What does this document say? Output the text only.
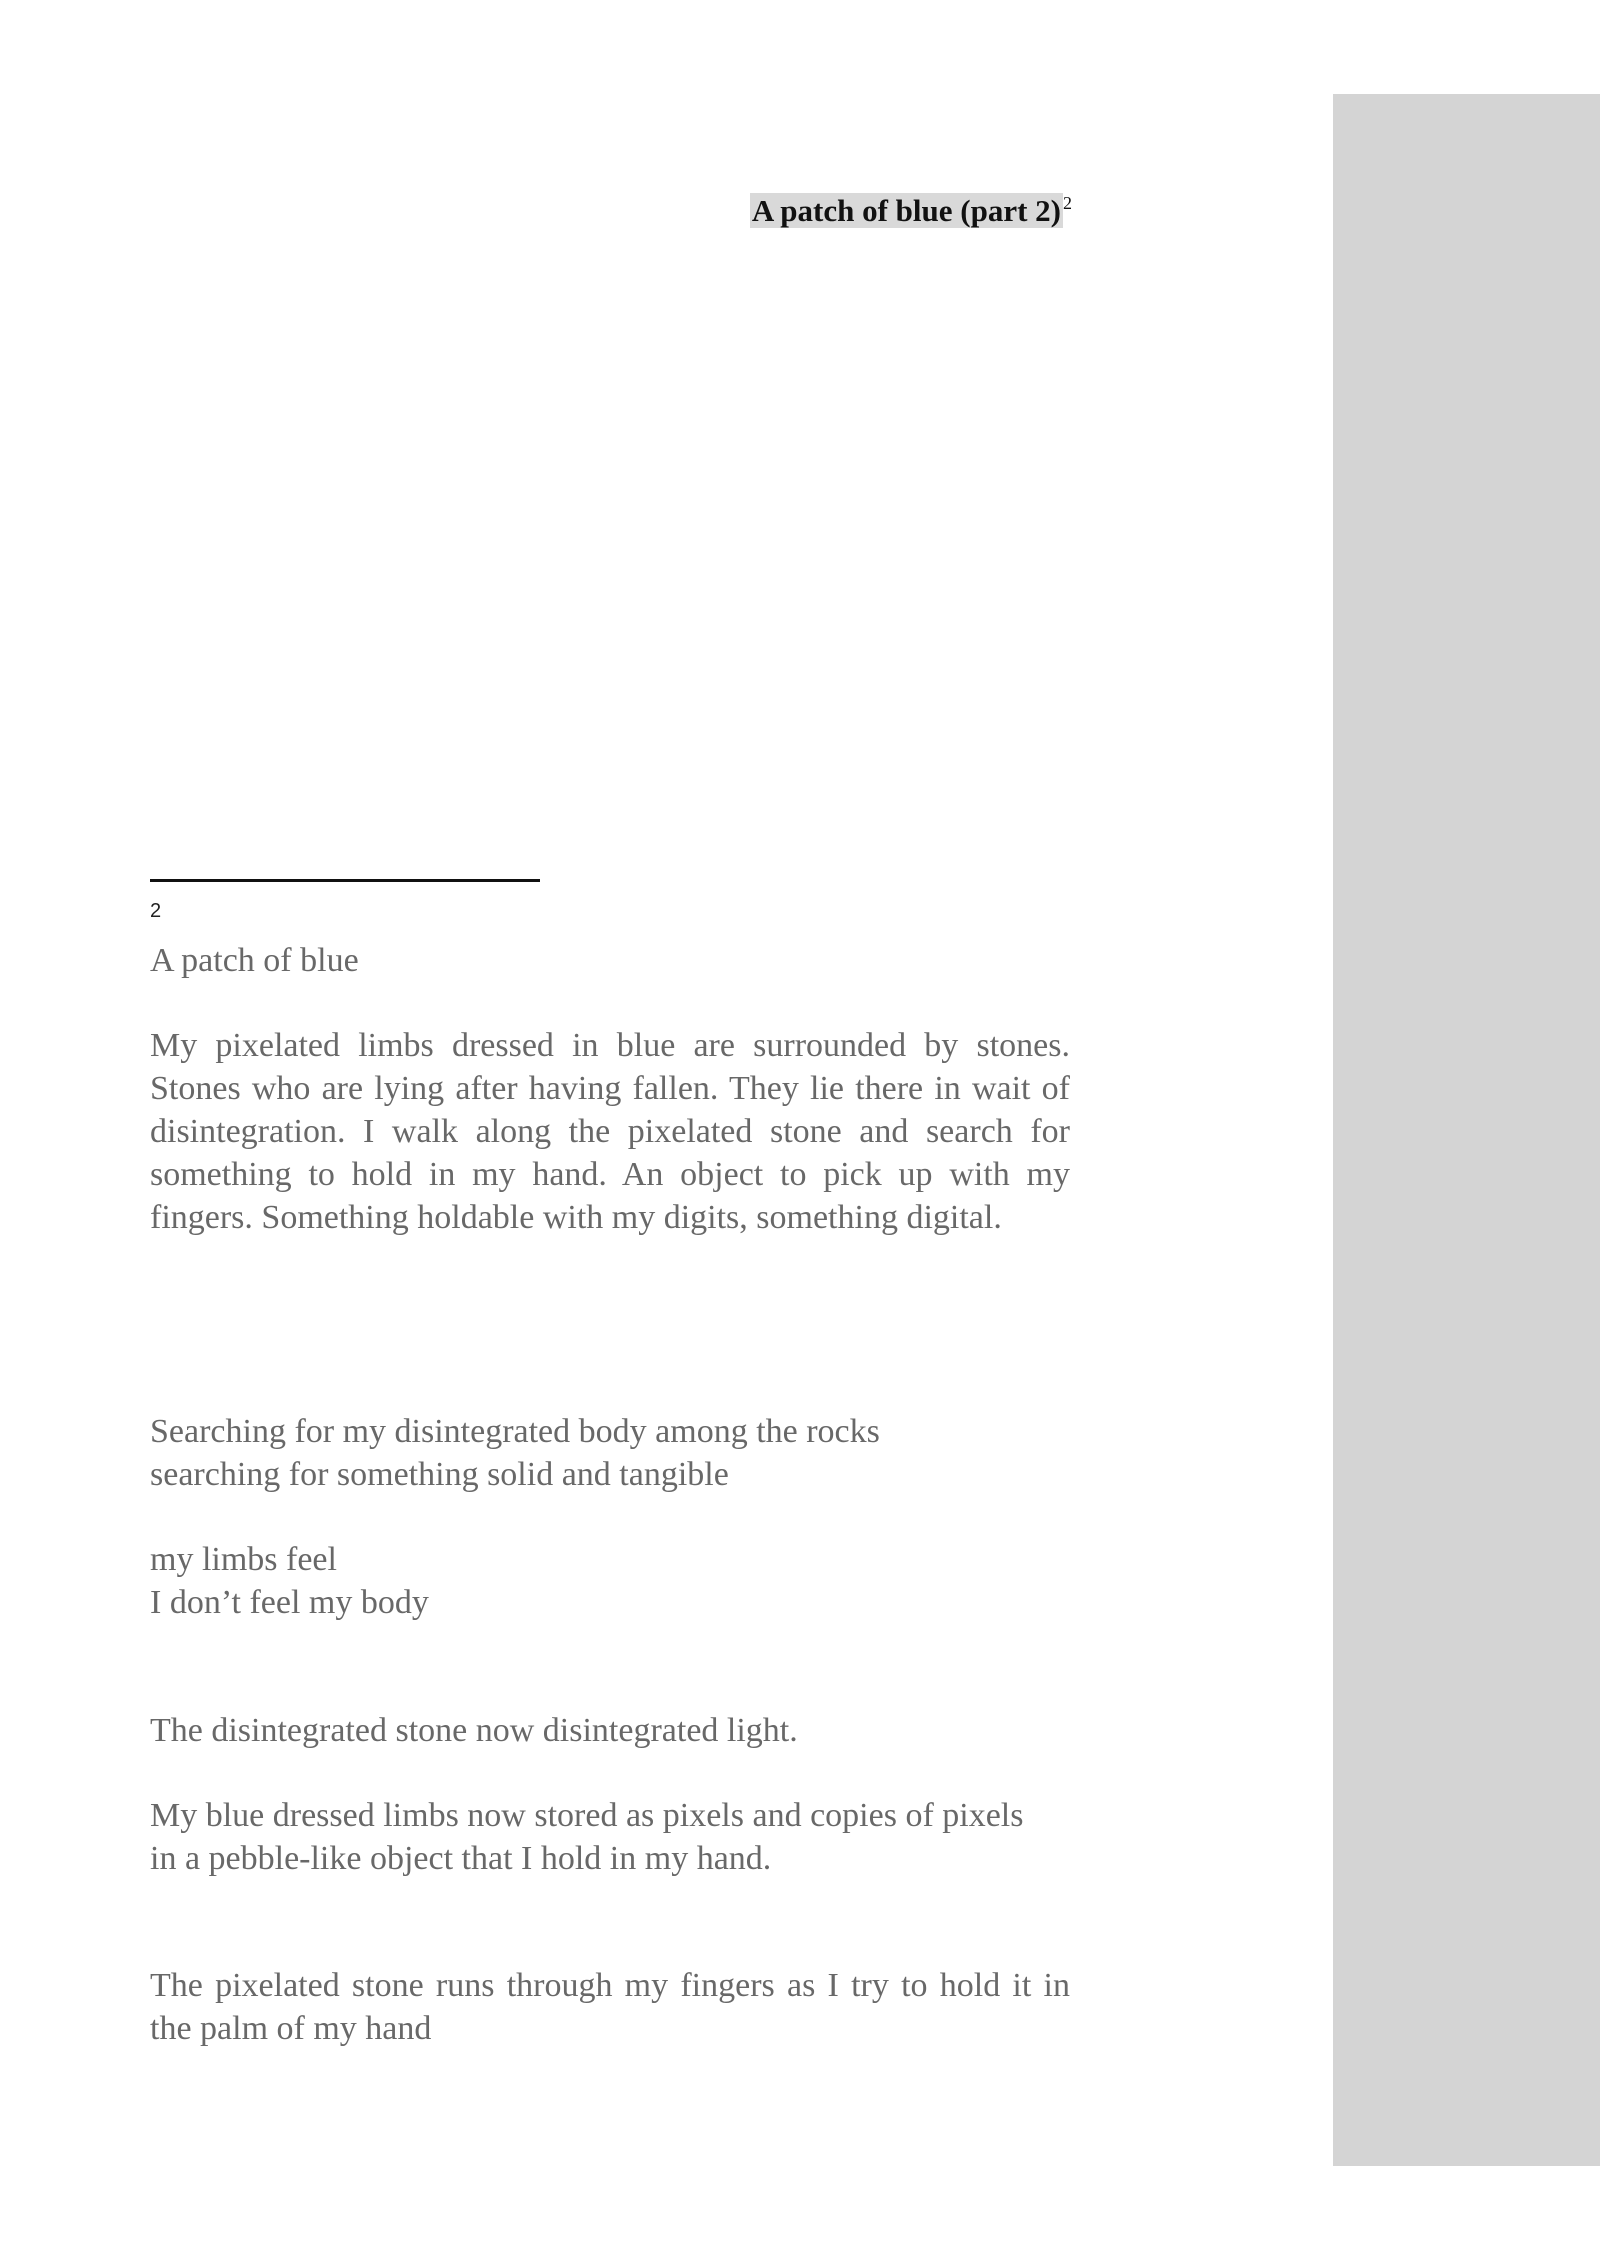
A patch of blue (part 2) $^2$
2

A patch of blue

My pixelated limbs dressed in blue are surrounded by stones. Stones who are lying after having fallen. They lie there in wait of disintegration. I walk along the pixelated stone and search for something to hold in my hand. An object to pick up with my fingers. Something holdable with my digits, something digital.

Searching for my disintegrated body among the rocks
searching for something solid and tangible

my limbs feel
I don’t feel my body

The disintegrated stone now disintegrated light.

My blue dressed limbs now stored as pixels and copies of pixels
in a pebble-like object that I hold in my hand.

The pixelated stone runs through my fingers as I try to hold it in the palm of my hand
